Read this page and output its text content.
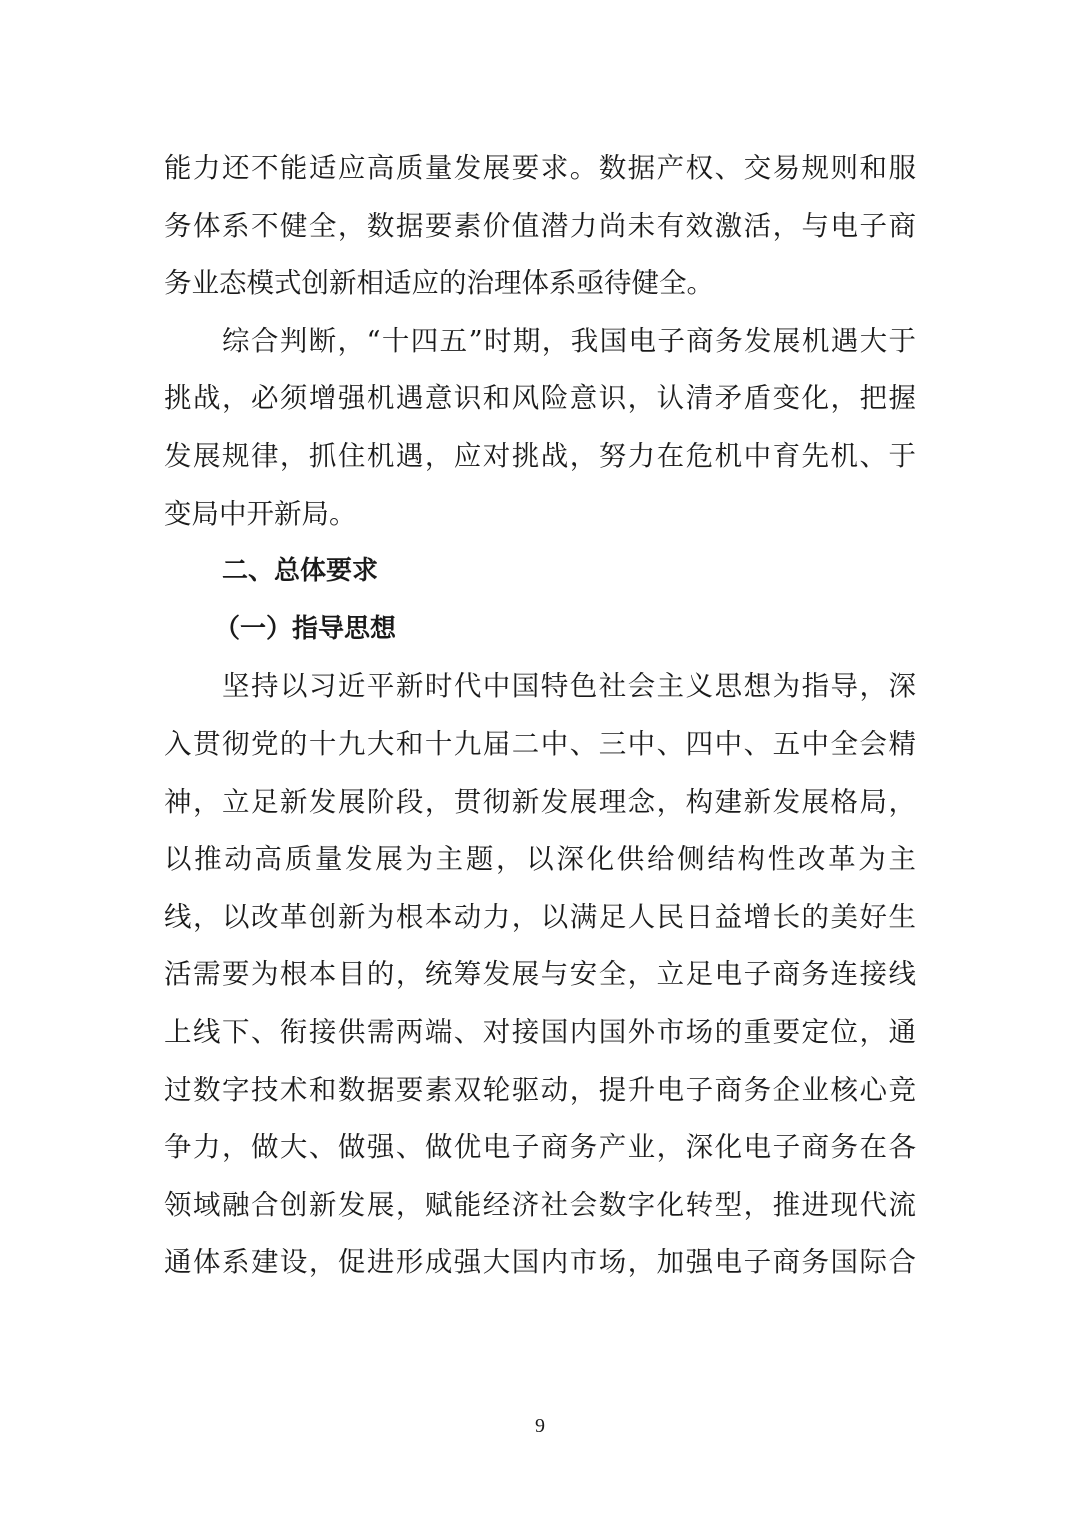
能力还不能适应高质量发展要求。数据产权、交易规则和服
务体系不健全，数据要素价值潜力尚未有效激活，与电子商
务业态模式创新相适应的治理体系亟待健全。
综合判断，“十四五”时期，我国电子商务发展机遇大于
挑战，必须增强机遇意识和风险意识，认清矛盾变化，把握
发展规律，抓住机遇，应对挑战，努力在危机中育先机、于
变局中开新局。
二、总体要求
（一）指导思想
坚持以习近平新时代中国特色社会主义思想为指导，深
入贯彻党的十九大和十九届二中、三中、四中、五中全会精
神，立足新发展阶段，贯彻新发展理念，构建新发展格局，
以推动高质量发展为主题，以深化供给侧结构性改革为主
线，以改革创新为根本动力，以满足人民日益增长的美好生
活需要为根本目的，统筹发展与安全，立足电子商务连接线
上线下、衔接供需两端、对接国内国外市场的重要定位，通
过数字技术和数据要素双轮驱动，提升电子商务企业核心竞
争力，做大、做强、做优电子商务产业，深化电子商务在各
领域融合创新发展，赋能经济社会数字化转型，推进现代流
通体系建设，促进形成强大国内市场，加强电子商务国际合
9
